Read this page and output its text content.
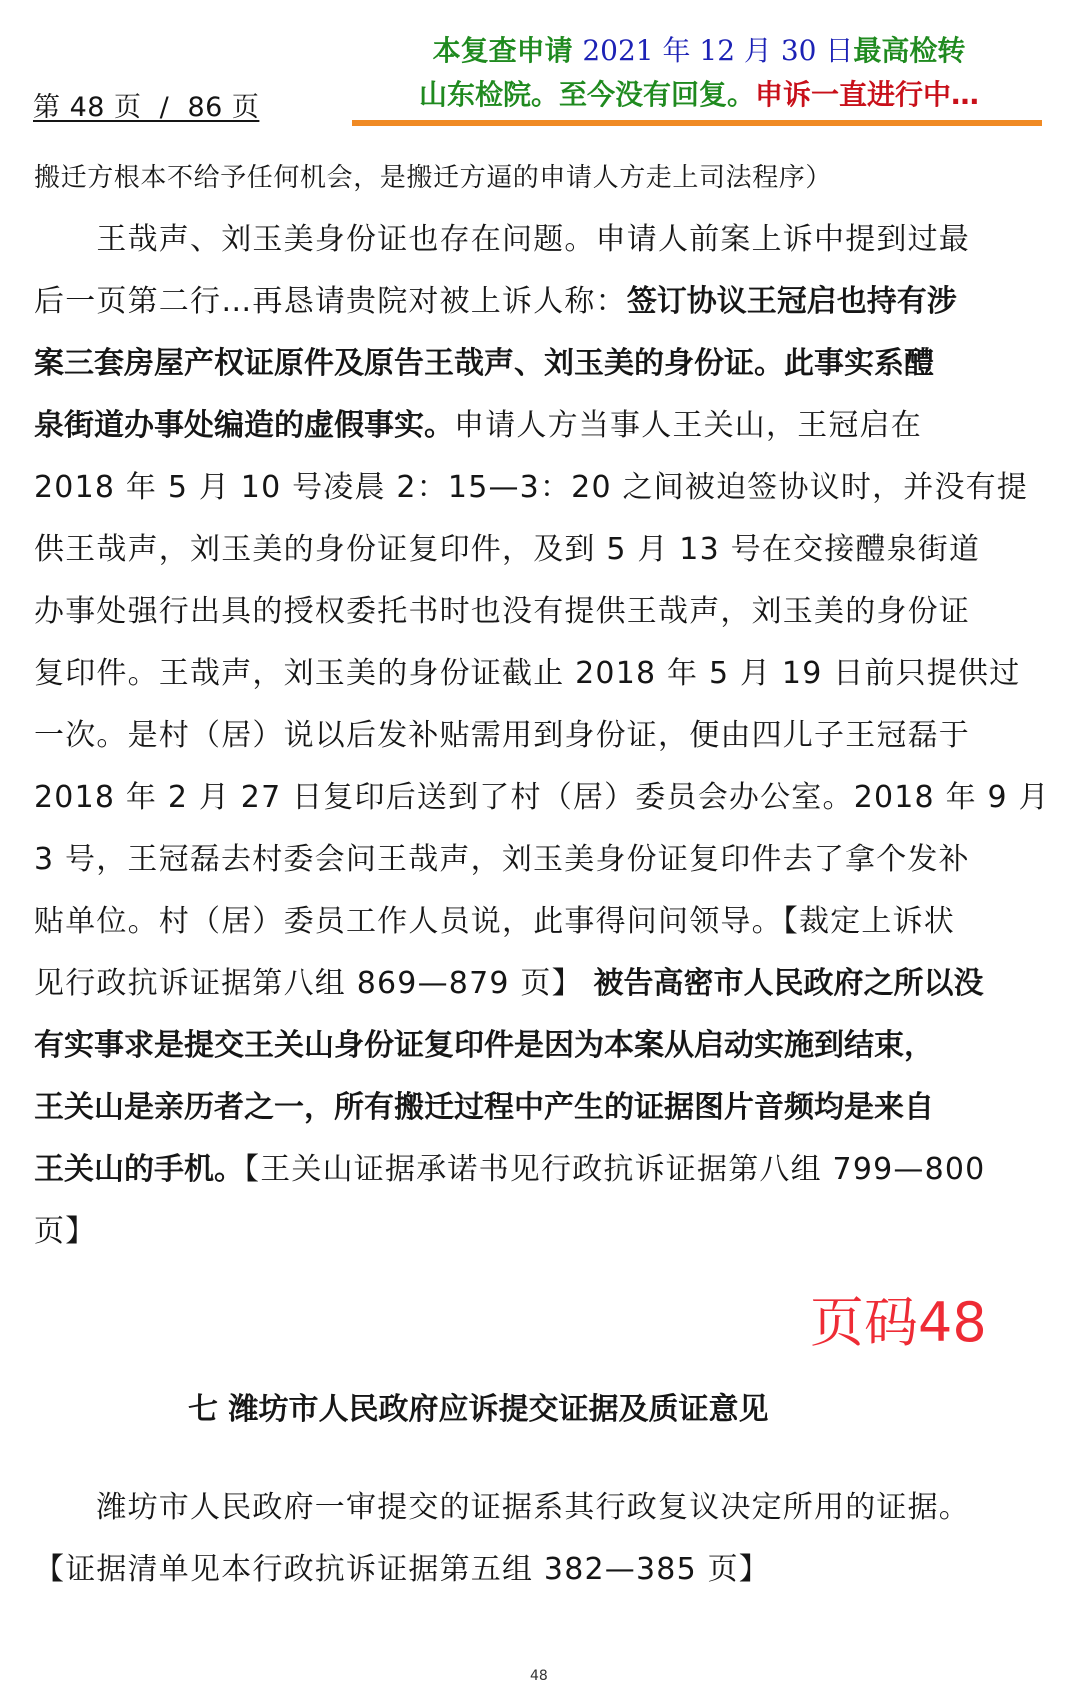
第 48 页  /  86 页
本复查申请 2021 年 12 月 30 日最高检转
山东检院。至今没有回复。申诉一直进行中…
搬迁方根本不给予任何机会，是搬迁方逼的申请人方走上司法程序）
　　王哉声、刘玉美身份证也存在问题。申请人前案上诉中提到过最
后一页第二行…再恳请贵院对被上诉人称：签订协议王冠启也持有涉
案三套房屋产权证原件及原告王哉声、刘玉美的身份证。此事实系醴
泉街道办事处编造的虚假事实。申请人方当事人王关山，王冠启在
2018 年 5 月 10 号凌晨 2：15—3：20 之间被迫签协议时，并没有提
供王哉声，刘玉美的身份证复印件，及到 5 月 13 号在交接醴泉街道
办事处强行出具的授权委托书时也没有提供王哉声，刘玉美的身份证
复印件。王哉声，刘玉美的身份证截止 2018 年 5 月 19 日前只提供过
一次。是村（居）说以后发补贴需用到身份证，便由四儿子王冠磊于
2018 年 2 月 27 日复印后送到了村（居）委员会办公室。2018 年 9 月
3 号，王冠磊去村委会问王哉声，刘玉美身份证复印件去了拿个发补
贴单位。村（居）委员工作人员说，此事得问问领导。【裁定上诉状
见行政抗诉证据第八组 869—879 页】 被告高密市人民政府之所以没
有实事求是提交王关山身份证复印件是因为本案从启动实施到结束，
王关山是亲历者之一，所有搬迁过程中产生的证据图片音频均是来自
王关山的手机。【王关山证据承诺书见行政抗诉证据第八组 799—800
页】
页码48
七 潍坊市人民政府应诉提交证据及质证意见
　　潍坊市人民政府一审提交的证据系其行政复议决定所用的证据。
【证据清单见本行政抗诉证据第五组 382—385 页】
48
